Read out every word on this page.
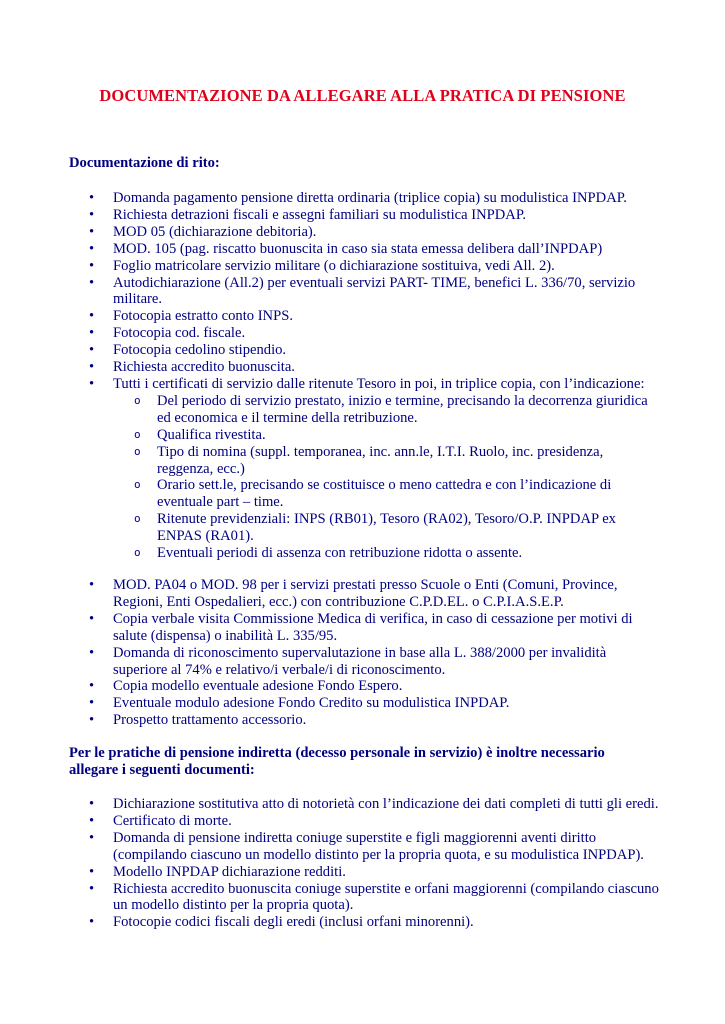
DOCUMENTAZIONE DA ALLEGARE ALLA PRATICA DI PENSIONE
Documentazione di rito:
• Domanda pagamento pensione diretta ordinaria (triplice copia) su modulistica INPDAP.
• Richiesta detrazioni fiscali e assegni familiari su modulistica INPDAP.
• MOD 05 (dichiarazione debitoria).
• MOD. 105 (pag. riscatto buonuscita in caso sia stata emessa delibera dall’INPDAP)
• Foglio matricolare servizio militare (o dichiarazione sostituiva, vedi All. 2).
• Autodichiarazione (All.2) per eventuali servizi PART- TIME, benefici L. 336/70, servizio militare.
• Fotocopia estratto conto INPS.
• Fotocopia cod. fiscale.
• Fotocopia cedolino stipendio.
• Richiesta accredito buonuscita.
• Tutti i certificati di servizio dalle ritenute Tesoro in poi, in triplice copia, con l’indicazione:
o Del periodo di servizio prestato, inizio e termine, precisando la decorrenza giuridica ed economica e il termine della retribuzione.
o Qualifica rivestita.
o Tipo di nomina (suppl. temporanea, inc. ann.le, I.T.I. Ruolo, inc. presidenza, reggenza, ecc.)
o Orario sett.le, precisando se costituisce o meno cattedra e con l’indicazione di eventuale part – time.
o Ritenute previdenziali: INPS (RB01), Tesoro (RA02), Tesoro/O.P. INPDAP ex ENPAS (RA01).
o Eventuali periodi di assenza con retribuzione ridotta o assente.
• MOD. PA04 o MOD. 98 per i servizi prestati presso Scuole o Enti (Comuni, Province, Regioni, Enti Ospedalieri, ecc.) con contribuzione C.P.D.EL. o C.P.I.A.S.E.P.
• Copia verbale visita Commissione Medica di verifica, in caso di cessazione per motivi di salute (dispensa) o inabilità L. 335/95.
• Domanda di riconoscimento supervalutazione in base alla L. 388/2000 per invalidità superiore al 74% e relativo/i verbale/i di riconoscimento.
• Copia modello eventuale adesione Fondo Espero.
• Eventuale modulo adesione Fondo Credito su modulistica INPDAP.
• Prospetto trattamento accessorio.
Per le pratiche di pensione indiretta (decesso personale in servizio) è inoltre necessario allegare i seguenti documenti:
• Dichiarazione sostitutiva atto di notorietà con l’indicazione dei dati completi di tutti gli eredi.
• Certificato di morte.
• Domanda di pensione indiretta coniuge superstite e figli maggiorenni aventi diritto (compilando ciascuno un modello distinto per la propria quota, e su modulistica INPDAP).
• Modello INPDAP dichiarazione redditi.
• Richiesta accredito buonuscita coniuge superstite e orfani maggiorenni (compilando ciascuno un modello distinto per la propria quota).
• Fotocopie codici fiscali degli eredi (inclusi orfani minorenni).
